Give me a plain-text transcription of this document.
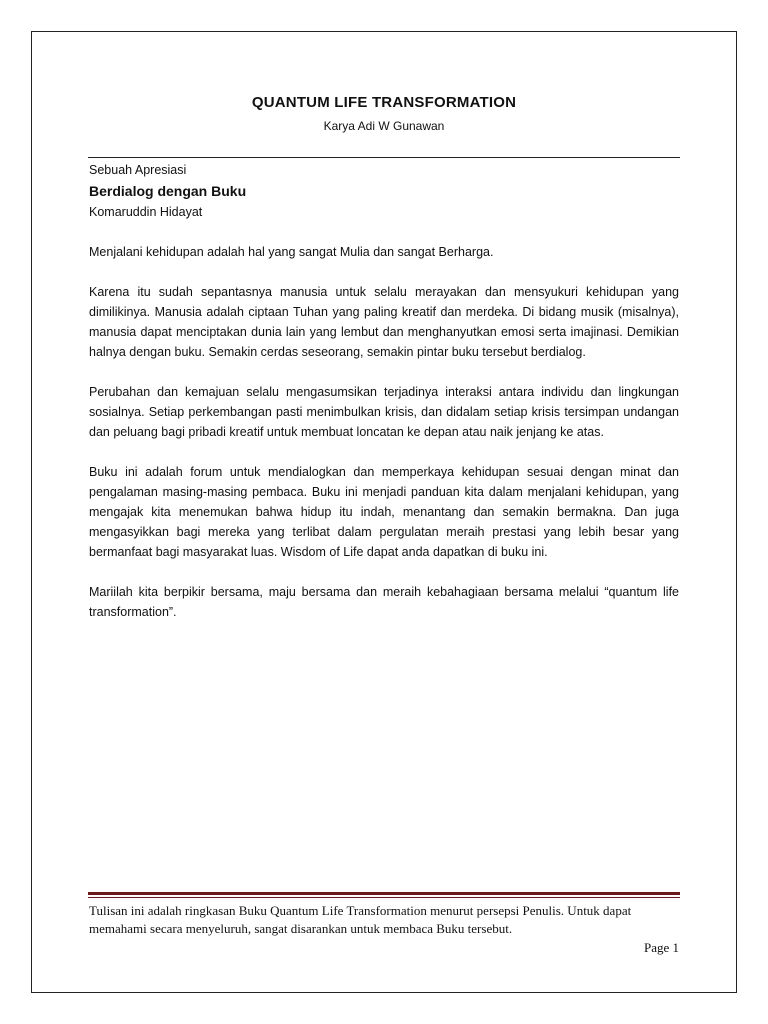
QUANTUM LIFE TRANSFORMATION

Karya Adi W Gunawan

Sebuah Apresiasi

Berdialog dengan Buku

Komaruddin Hidayat

Menjalani kehidupan adalah hal yang sangat Mulia dan sangat Berharga.

Karena itu sudah sepantasnya manusia untuk selalu merayakan dan mensyukuri kehidupan yang dimilikinya. Manusia adalah ciptaan Tuhan yang paling kreatif dan merdeka. Di bidang musik (misalnya), manusia dapat menciptakan dunia lain yang lembut dan menghanyutkan emosi serta imajinasi. Demikian halnya dengan buku. Semakin cerdas seseorang, semakin pintar buku tersebut berdialog.

Perubahan dan kemajuan selalu mengasumsikan terjadinya interaksi antara individu dan lingkungan sosialnya. Setiap perkembangan pasti menimbulkan krisis, dan didalam setiap krisis tersimpan undangan dan peluang bagi pribadi kreatif untuk membuat loncatan ke depan atau naik jenjang ke atas.

Buku ini adalah forum untuk mendialogkan dan memperkaya kehidupan sesuai dengan minat dan pengalaman masing-masing pembaca. Buku ini menjadi panduan kita dalam menjalani kehidupan, yang mengajak kita menemukan bahwa hidup itu indah, menantang dan semakin bermakna. Dan juga mengasyikkan bagi mereka yang terlibat dalam pergulatan meraih prestasi yang lebih besar yang bermanfaat bagi masyarakat luas. Wisdom of Life dapat anda dapatkan di buku ini.

Mariilah kita berpikir bersama, maju bersama dan meraih kebahagiaan bersama melalui “quantum life transformation”.

Tulisan ini adalah ringkasan Buku Quantum Life Transformation menurut persepsi Penulis. Untuk dapat memahami secara menyeluruh, sangat disarankan untuk membaca Buku tersebut.

Page 1
